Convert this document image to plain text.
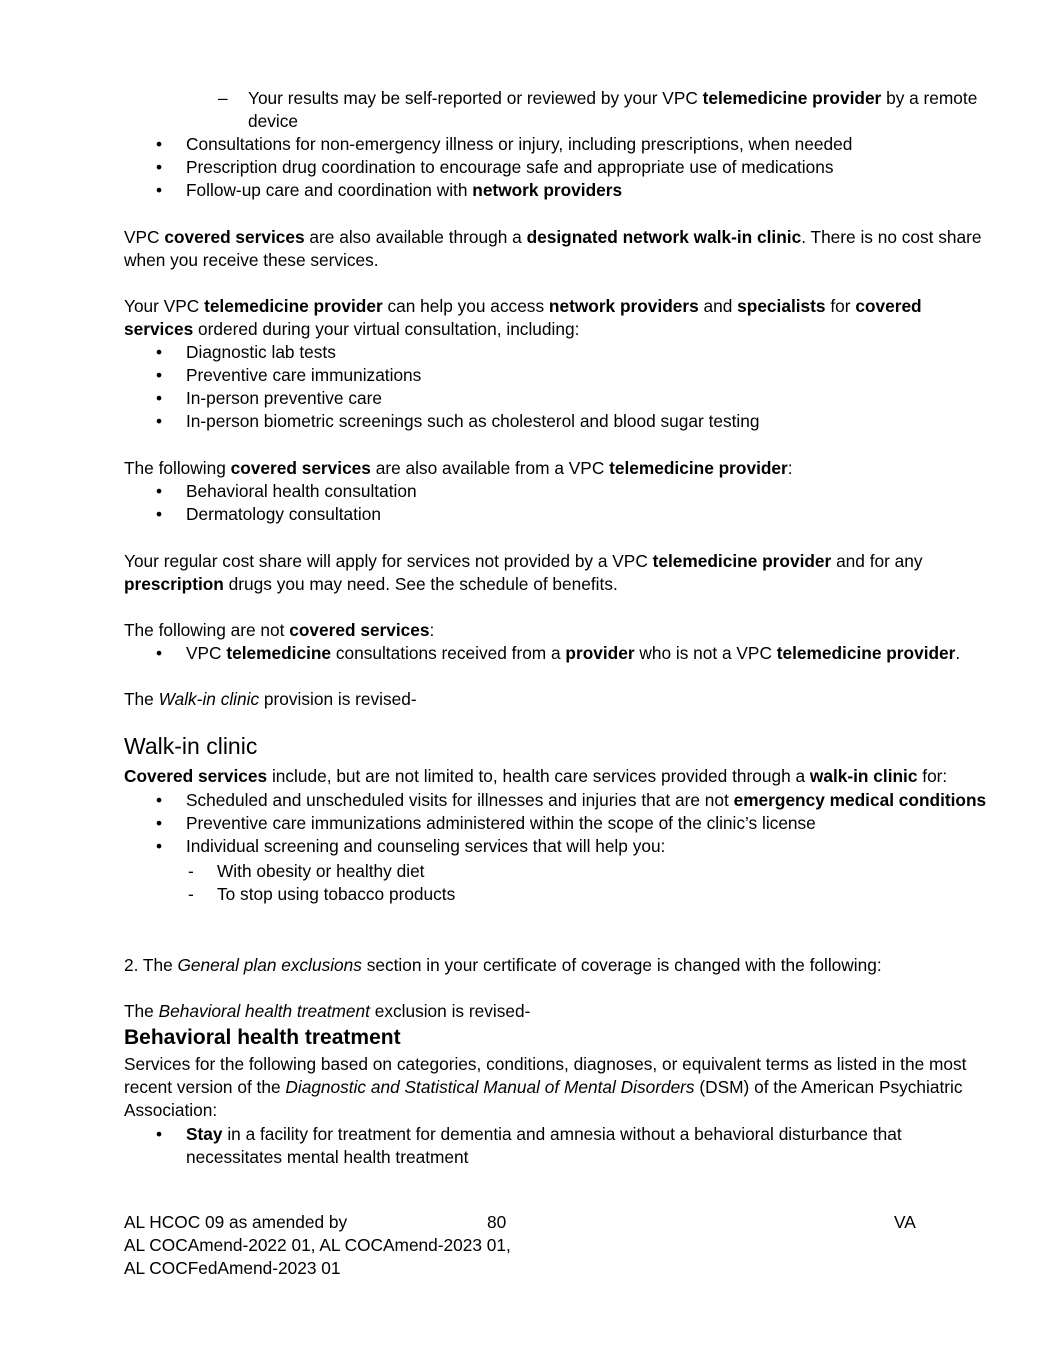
– Your results may be self-reported or reviewed by your VPC telemedicine provider by a remote device
• Consultations for non-emergency illness or injury, including prescriptions, when needed
• Prescription drug coordination to encourage safe and appropriate use of medications
• Follow-up care and coordination with network providers

VPC covered services are also available through a designated network walk-in clinic. There is no cost share when you receive these services.

Your VPC telemedicine provider can help you access network providers and specialists for covered services ordered during your virtual consultation, including:

• Diagnostic lab tests
• Preventive care immunizations
• In-person preventive care
• In-person biometric screenings such as cholesterol and blood sugar testing

The following covered services are also available from a VPC telemedicine provider:

• Behavioral health consultation
• Dermatology consultation

Your regular cost share will apply for services not provided by a VPC telemedicine provider and for any prescription drugs you may need. See the schedule of benefits.

The following are not covered services:

• VPC telemedicine consultations received from a provider who is not a VPC telemedicine provider.

The Walk-in clinic provision is revised-

Walk-in clinic

Covered services include, but are not limited to, health care services provided through a walk-in clinic for:

• Scheduled and unscheduled visits for illnesses and injuries that are not emergency medical conditions
• Preventive care immunizations administered within the scope of the clinic’s license
• Individual screening and counseling services that will help you:
- With obesity or healthy diet
- To stop using tobacco products

2. The General plan exclusions section in your certificate of coverage is changed with the following:

The Behavioral health treatment exclusion is revised-

Behavioral health treatment

Services for the following based on categories, conditions, diagnoses, or equivalent terms as listed in the most recent version of the Diagnostic and Statistical Manual of Mental Disorders (DSM) of the American Psychiatric Association:

• Stay in a facility for treatment for dementia and amnesia without a behavioral disturbance that necessitates mental health treatment
AL HCOC 09 as amended by
AL COCAmend-2022 01, AL COCAmend-2023 01,
AL COCFedAmend-2023 01
80	VA
